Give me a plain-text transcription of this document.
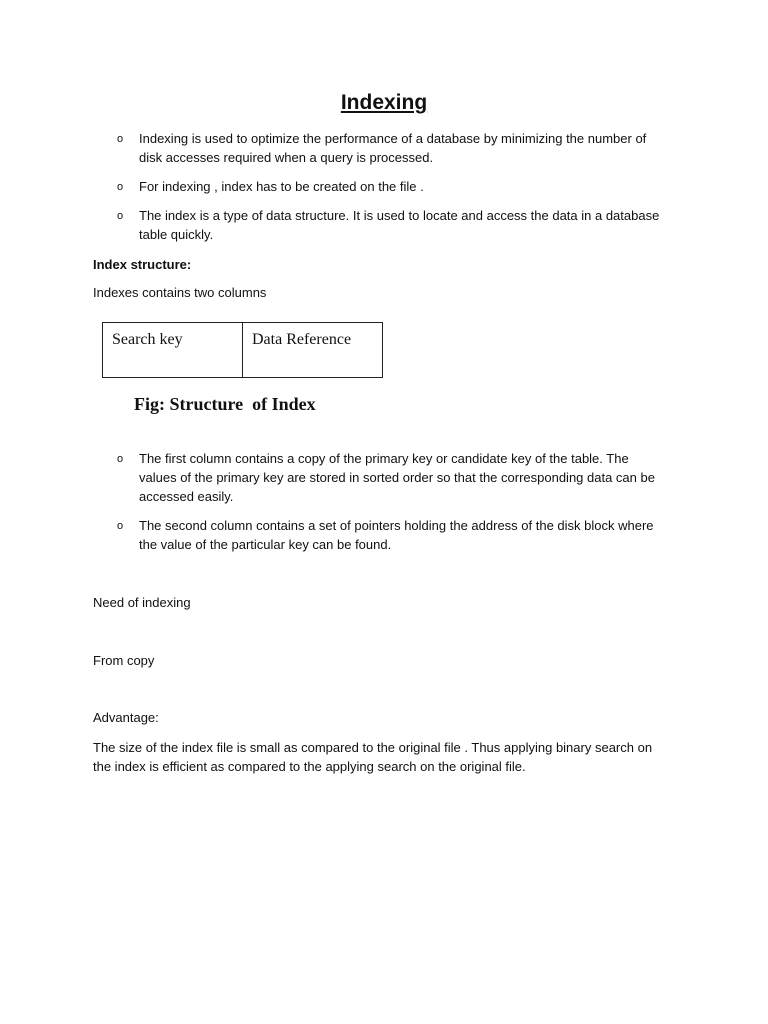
Indexing
o Indexing is used to optimize the performance of a database by minimizing the number of disk accesses required when a query is processed.
o For indexing , index has to be created on the file .
o The index is a type of data structure. It is used to locate and access the data in a database table quickly.
Index structure:
Indexes contains two columns
Search key	Data Reference
Fig: Structure  of Index
o The first column contains a copy of the primary key or candidate key of the table. The values of the primary key are stored in sorted order so that the corresponding data can be accessed easily.
o The second column contains a set of pointers holding the address of the disk block where the value of the particular key can be found.
Need of indexing
From copy
Advantage:
The size of the index file is small as compared to the original file . Thus applying binary search on the index is efficient as compared to the applying search on the original file.
